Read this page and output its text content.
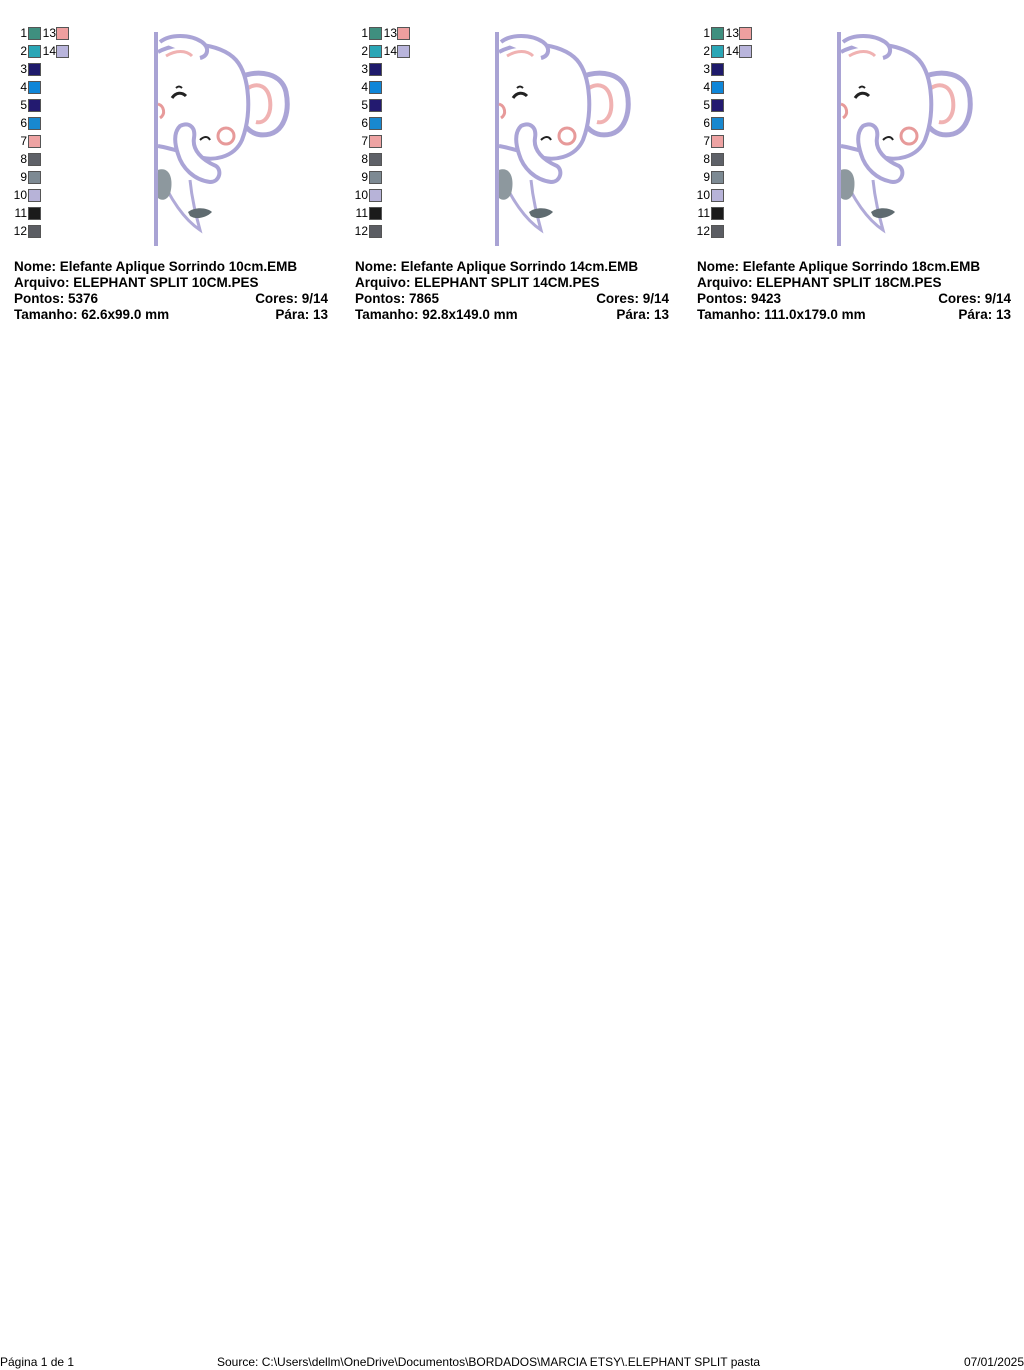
1 13
2 14
3
4
5
6
7
8
9
10
11
12
Nome: Elefante Aplique Sorrindo 10cm.EMB
Arquivo: ELEPHANT SPLIT 10CM.PES
Pontos: 5376	Cores: 9/14
Tamanho: 62.6x99.0 mm	Pára: 13
1 13
2 14
3
4
5
6
7
8
9
10
11
12
Nome: Elefante Aplique Sorrindo 14cm.EMB
Arquivo: ELEPHANT SPLIT 14CM.PES
Pontos: 7865	Cores: 9/14
Tamanho: 92.8x149.0 mm	Pára: 13
1 13
2 14
3
4
5
6
7
8
9
10
11
12
Nome: Elefante Aplique Sorrindo 18cm.EMB
Arquivo: ELEPHANT SPLIT 18CM.PES
Pontos: 9423	Cores: 9/14
Tamanho: 111.0x179.0 mm	Pára: 13
Página 1 de 1	Source: C:\Users\dellm\OneDrive\Documentos\BORDADOS\MARCIA ETSY\.ELEPHANT SPLIT pasta	07/01/2025
